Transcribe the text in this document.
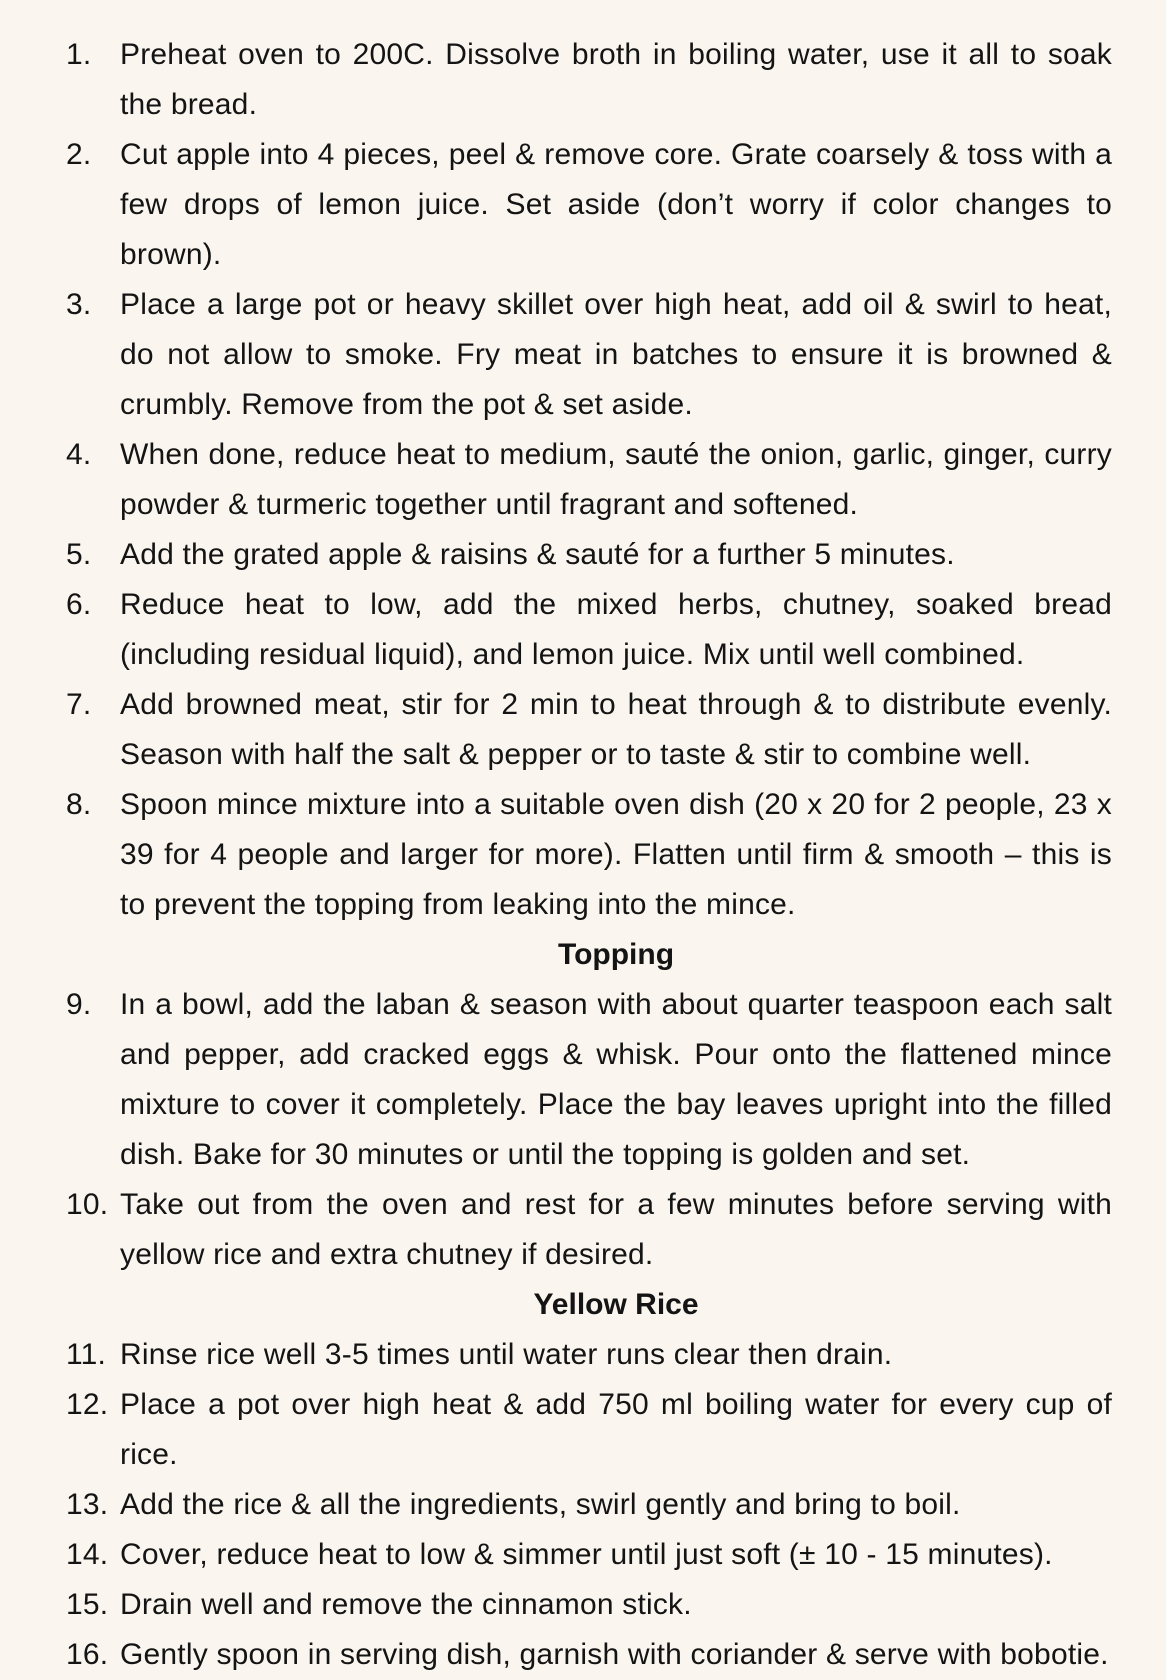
1. Preheat oven to 200C. Dissolve broth in boiling water, use it all to soak the bread.
2. Cut apple into 4 pieces, peel & remove core. Grate coarsely & toss with a few drops of lemon juice. Set aside (don’t worry if color changes to brown).
3. Place a large pot or heavy skillet over high heat, add oil & swirl to heat, do not allow to smoke. Fry meat in batches to ensure it is browned & crumbly. Remove from the pot & set aside.
4. When done, reduce heat to medium, sauté the onion, garlic, ginger, curry powder & turmeric together until fragrant and softened.
5. Add the grated apple & raisins & sauté for a further 5 minutes.
6. Reduce heat to low, add the mixed herbs, chutney, soaked bread (including residual liquid), and lemon juice. Mix until well combined.
7. Add browned meat, stir for 2 min to heat through & to distribute evenly. Season with half the salt & pepper or to taste & stir to combine well.
8. Spoon mince mixture into a suitable oven dish (20 x 20 for 2 people, 23 x 39 for 4 people and larger for more). Flatten until firm & smooth – this is to prevent the topping from leaking into the mince.
Topping
9. In a bowl, add the laban & season with about quarter teaspoon each salt and pepper, add cracked eggs & whisk. Pour onto the flattened mince mixture to cover it completely. Place the bay leaves upright into the filled dish. Bake for 30 minutes or until the topping is golden and set.
10. Take out from the oven and rest for a few minutes before serving with yellow rice and extra chutney if desired.
Yellow Rice
11. Rinse rice well 3-5 times until water runs clear then drain.
12. Place a pot over high heat & add 750 ml boiling water for every cup of rice.
13. Add the rice & all the ingredients, swirl gently and bring to boil.
14. Cover, reduce heat to low & simmer until just soft (± 10 - 15 minutes).
15. Drain well and remove the cinnamon stick.
16. Gently spoon in serving dish, garnish with coriander & serve with bobotie.
